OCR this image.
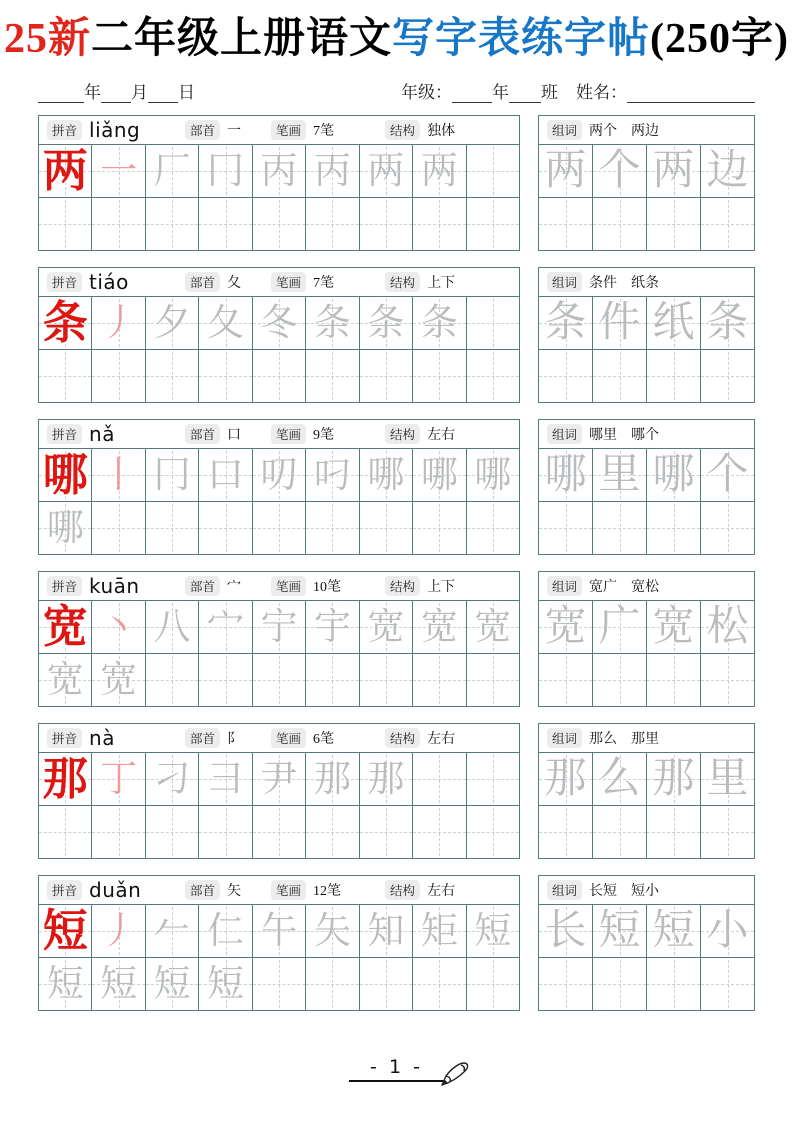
25新二年级上册语文写字表练字帖(250字)
年 月 日	年级： 年 班 姓名：
拼音 liǎng	部首 一	笔画 7笔	结构 独体
两 一 厂 冂 丙 丙 两 两
组词 两个  两边
两 个 两 边
拼音 tiáo	部首 夂	笔画 7笔	结构 上下
条 丿 夕 夂 冬 条 条 条
组词 条件  纸条
条 件 纸 条
拼音 nǎ	部首 口	笔画 9笔	结构 左右
哪 丨 冂 口 叨 叼 哪 哪 哪
哪
组词 哪里  哪个
哪 里 哪 个
拼音 kuān	部首 宀	笔画 10笔	结构 上下
宽 丶 八 宀 宁 宇 宽 宽 宽
宽 宽
组词 宽广  宽松
宽 广 宽 松
拼音 nà	部首 阝	笔画 6笔	结构 左右
那 丁 刁 彐 尹 那 那
组词 那么  那里
那 么 那 里
拼音 duǎn	部首 矢	笔画 12笔	结构 左右
短 丿 𠂉 仁 午 矢 知 矩 短
短 短 短 短
组词 长短  短小
长 短 短 小
- 1 -
